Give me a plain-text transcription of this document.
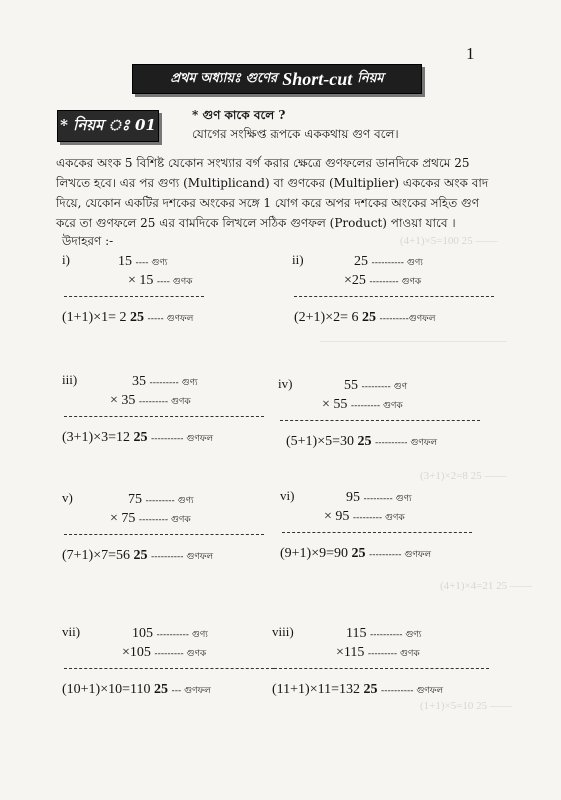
(4+1)×5=100 25 ——
—————————————————
(3+1)×2=8 25 ——
(4+1)×4=21 25 ——
(1+1)×5=10 25 ——
1
প্রথম অধ্যায়ঃ গুণের Short-cut নিয়ম
* নিয়ম ঃ 01
* গুণ কাকে বলে ?
যোগের সংক্ষিপ্ত রূপকে এককথায় গুণ বলে।
এককের অংক 5 বিশিষ্ট যেকোন সংখ্যার বর্গ করার ক্ষেত্রে গুণফলের ডানদিকে প্রথমে 25
লিখতে হবে। এর পর গুণ্য (Multiplicand) বা গুণকের (Multiplier) এককের অংক বাদ
দিয়ে, যেকোন একটির দশকের অংকের সঙ্গে 1 যোগ করে অপর দশকের অংকের সহিত গুণ
করে তা গুণফলে 25 এর বামদিকে লিখলে সঠিক গুণফল (Product) পাওয়া যাবে ।
উদাহরণ :-
i)	15 ---- গুণ্য
× 15 ---- গুণক
(1+1)×1= 2 25 ----- গুণফল
ii)	25 ---------- গুণ্য
×25 --------- গুণক
(2+1)×2= 6 25 ---------গুণফল
iii)	35 --------- গুণ্য
× 35 --------- গুণক
(3+1)×3=12 25 ---------- গুণফল
iv)	55 --------- গুণ
× 55 --------- গুণক
(5+1)×5=30 25 ---------- গুণফল
v)	75 --------- গুণ্য
× 75 --------- গুণক
(7+1)×7=56 25 ---------- গুণফল
vi)	95 --------- গুণ্য
× 95 --------- গুণক
(9+1)×9=90 25 ---------- গুণফল
vii)	105 ---------- গুণ্য
×105 --------- গুণক
(10+1)×10=110 25 --- গুণফল
viii)	115 ---------- গুণ্য
×115 --------- গুণক
(11+1)×11=132 25 ---------- গুণফল
